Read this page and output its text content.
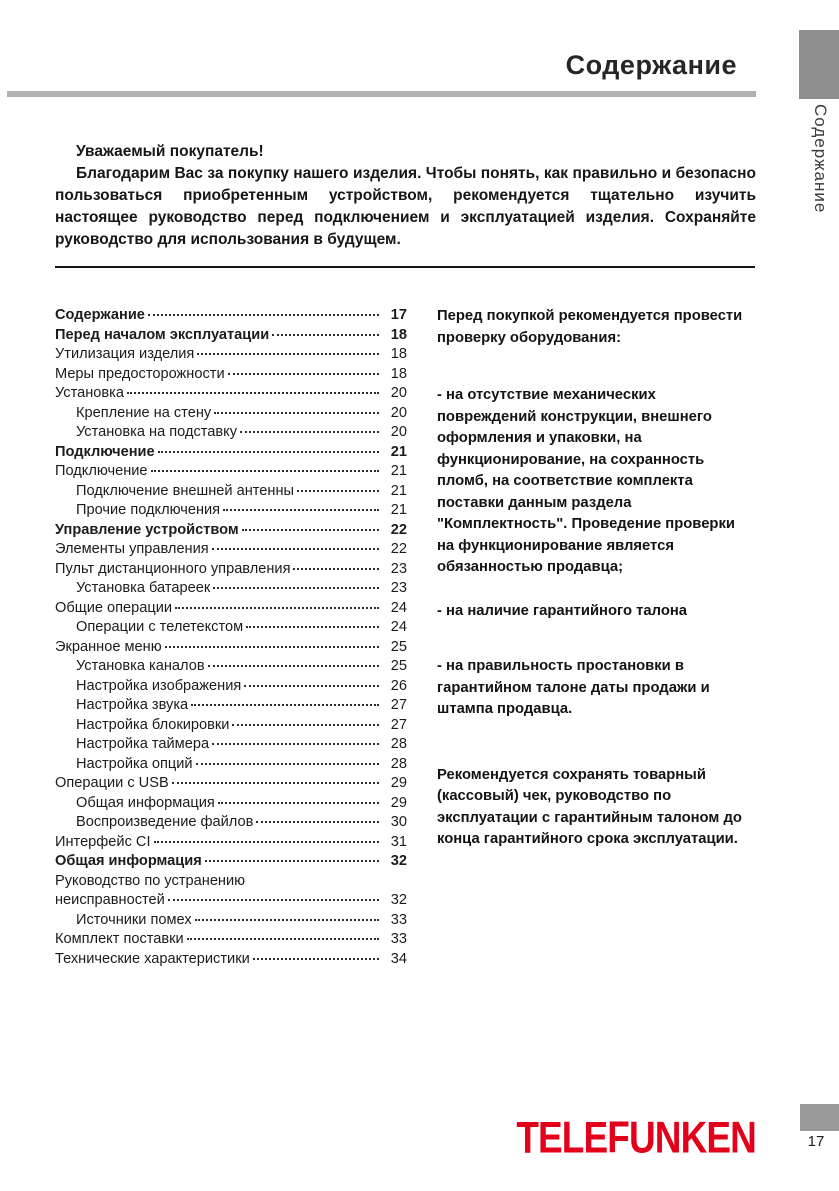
Содержание
Содержание
Уважаемый покупатель!

Благодарим Вас за покупку нашего изделия. Чтобы понять, как правильно и безопасно пользоваться приобретенным устройством, рекомендуется тщательно изучить настоящее руководство перед подключением и эксплуатацией изделия. Сохраняйте руководство для использования в будущем.

Содержание	17
Перед началом эксплуатации	18
Утилизация изделия	18
Меры предосторожности	18
Установка	20
Крепление на стену	20
Установка на подставку	20
Подключение	21
Подключение	21
Подключение внешней антенны	21
Прочие подключения	21
Управление устройством	22
Элементы управления	22
Пульт дистанционного управления	23
Установка батареек	23
Общие операции	24
Операции с телетекстом	24
Экранное меню	25
Установка каналов	25
Настройка изображения	26
Настройка звука	27
Настройка блокировки	27
Настройка таймера	28
Настройка опций	28
Операции с USB	29
Общая информация	29
Воспроизведение файлов	30
Интерфейс CI	31
Общая информация	32
Руководство по устранению
неисправностей	32
Источники помех	33
Комплект поставки	33
Технические характеристики	34

Перед покупкой рекомендуется провести проверку оборудования:

- на отсутствие механических повреждений конструкции, внешнего оформления и упаковки, на функционирование, на сохранность пломб, на соответствие комплекта поставки данным раздела "Комплектность". Проведение проверки на функционирование является обязанностью продавца;

- на наличие гарантийного талона

- на правильность простановки в гарантийном талоне даты продажи и штампа продавца.

Рекомендуется сохранять товарный (кассовый) чек, руководство по эксплуатации с гарантийным талоном до конца гарантийного срока эксплуатации.

TELEFUNKEN	17
